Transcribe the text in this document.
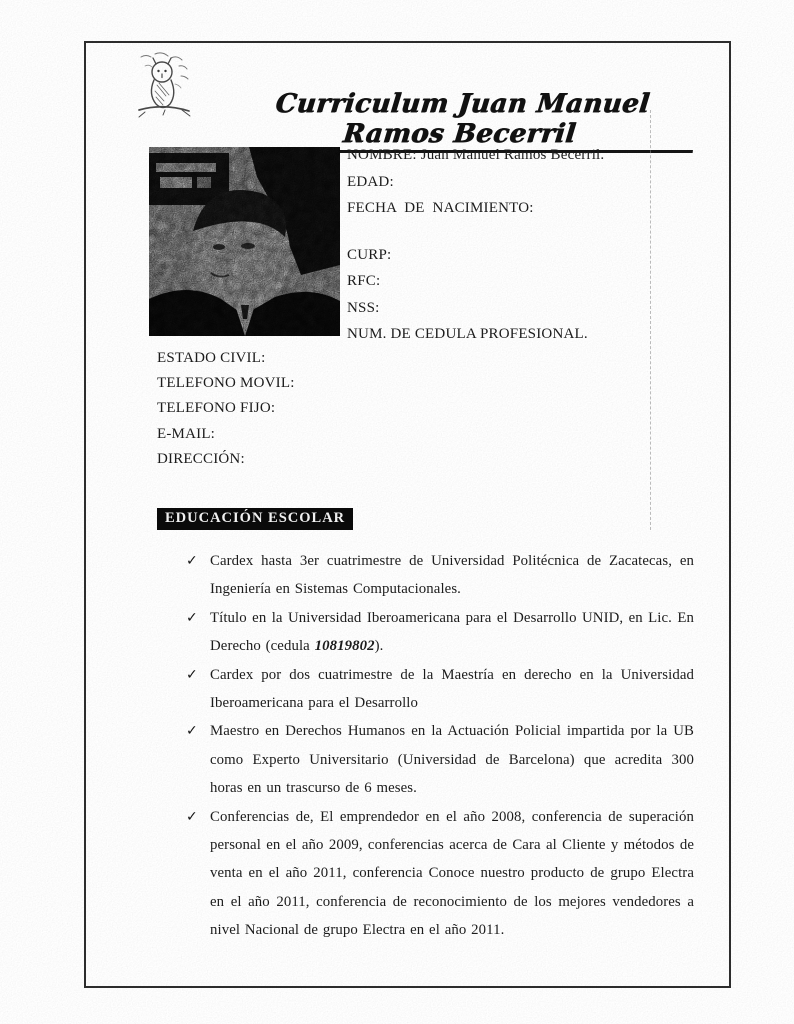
Curriculum Juan Manuel Ramos Becerril
NOMBRE: Juan Manuel Ramos Becerril.
EDAD:
FECHA  DE  NACIMIENTO:
CURP:
RFC:
NSS:
NUM. DE CEDULA PROFESIONAL.
ESTADO CIVIL:
TELEFONO MOVIL:
TELEFONO FIJO:
E-MAIL:
DIRECCIÓN:
EDUCACIÓN ESCOLAR
✓ Cardex hasta 3er cuatrimestre de Universidad Politécnica de Zacatecas, en Ingeniería en Sistemas Computacionales.
✓ Título en la Universidad Iberoamericana para el Desarrollo UNID, en Lic. En Derecho (cedula 10819802).
✓ Cardex por dos cuatrimestre de la Maestría en derecho en la Universidad Iberoamericana para el Desarrollo
✓ Maestro en Derechos Humanos en la Actuación Policial impartida por la UB como Experto Universitario (Universidad de Barcelona) que acredita 300 horas en un trascurso de 6 meses.
✓ Conferencias de, El emprendedor en el año 2008, conferencia de superación personal en el año 2009, conferencias acerca de Cara al Cliente y métodos de venta en el año 2011, conferencia Conoce nuestro producto de grupo Electra en el año 2011, conferencia de reconocimiento de los mejores vendedores a nivel Nacional de grupo Electra en el año 2011.
